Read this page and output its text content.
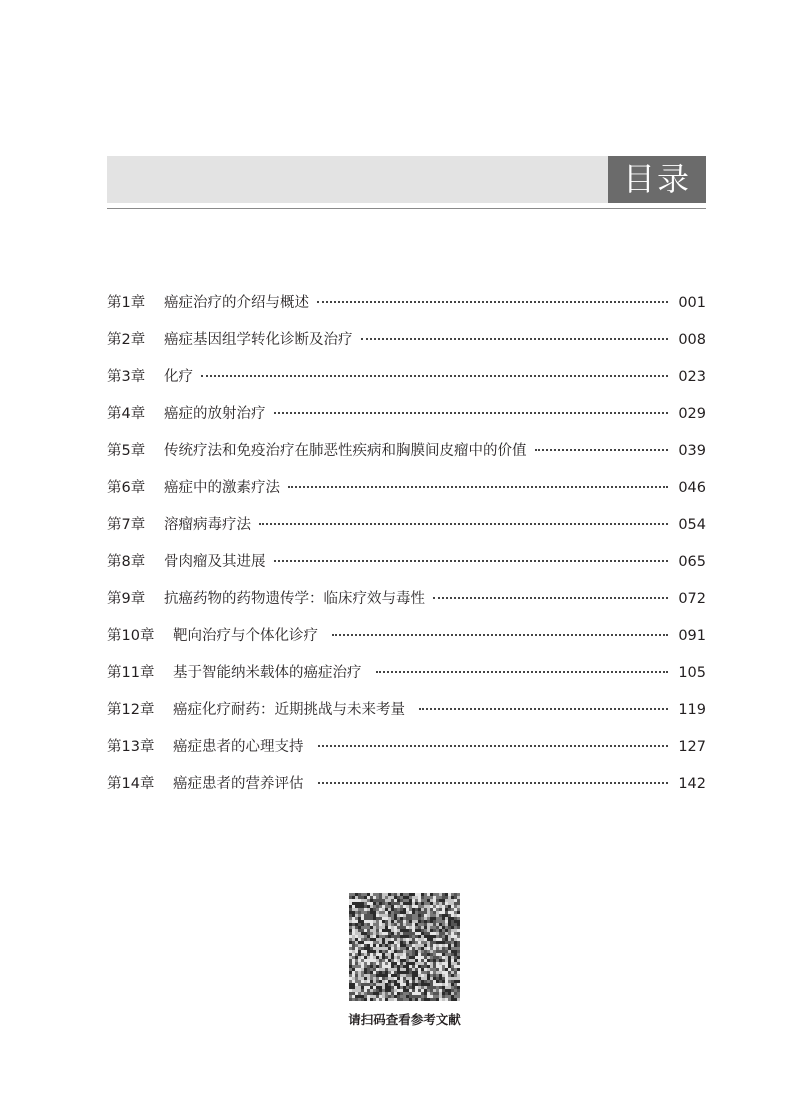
目录
第1章	癌症治疗的介绍与概述	001
第2章	癌症基因组学转化诊断及治疗	008
第3章	化疗	023
第4章	癌症的放射治疗	029
第5章	传统疗法和免疫治疗在肺恶性疾病和胸膜间皮瘤中的价值	039
第6章	癌症中的激素疗法	046
第7章	溶瘤病毒疗法	054
第8章	骨肉瘤及其进展	065
第9章	抗癌药物的药物遗传学：临床疗效与毒性	072
第10章	靶向治疗与个体化诊疗	091
第11章	基于智能纳米载体的癌症治疗	105
第12章	癌症化疗耐药：近期挑战与未来考量	119
第13章	癌症患者的心理支持	127
第14章	癌症患者的营养评估	142
请扫码查看参考文献
